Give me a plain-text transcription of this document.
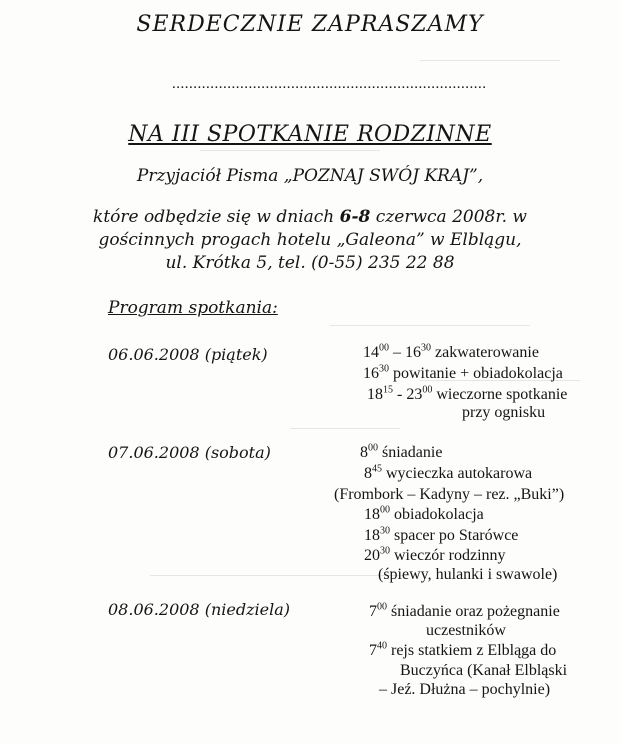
SERDECZNIE ZAPRASZAMY
..........................................................................
NA III SPOTKANIE RODZINNE
Przyjaciół Pisma „POZNAJ SWÓJ KRAJ”,
które odbędzie się w dniach 6-8 czerwca 2008r. w
gościnnych progach hotelu „Galeona” w Elblągu,
ul. Krótka 5, tel. (0-55) 235 22 88
Program spotkania:
06.06.2008 (piątek)
07.06.2008 (sobota)
08.06.2008 (niedziela)
$14^{00} - 16^{30}$ zakwaterowanie
$16^{30}$ powitanie + obiadokolacja
$18^{15} - 23^{00}$ wieczorne spotkanie
przy ognisku
$8^{00}$ śniadanie
$8^{45}$ wycieczka autokarowa
(Frombork – Kadyny – rez. „Buki”)
$18^{00}$ obiadokolacja
$18^{30}$ spacer po Starówce
$20^{30}$ wieczór rodzinny
(śpiewy, hulanki i swawole)
$7^{00}$ śniadanie oraz pożegnanie
uczestników
$7^{40}$ rejs statkiem z Elbląga do
Buczyńca (Kanał Elbląski
– Jeź. Dłużna – pochylnie)
